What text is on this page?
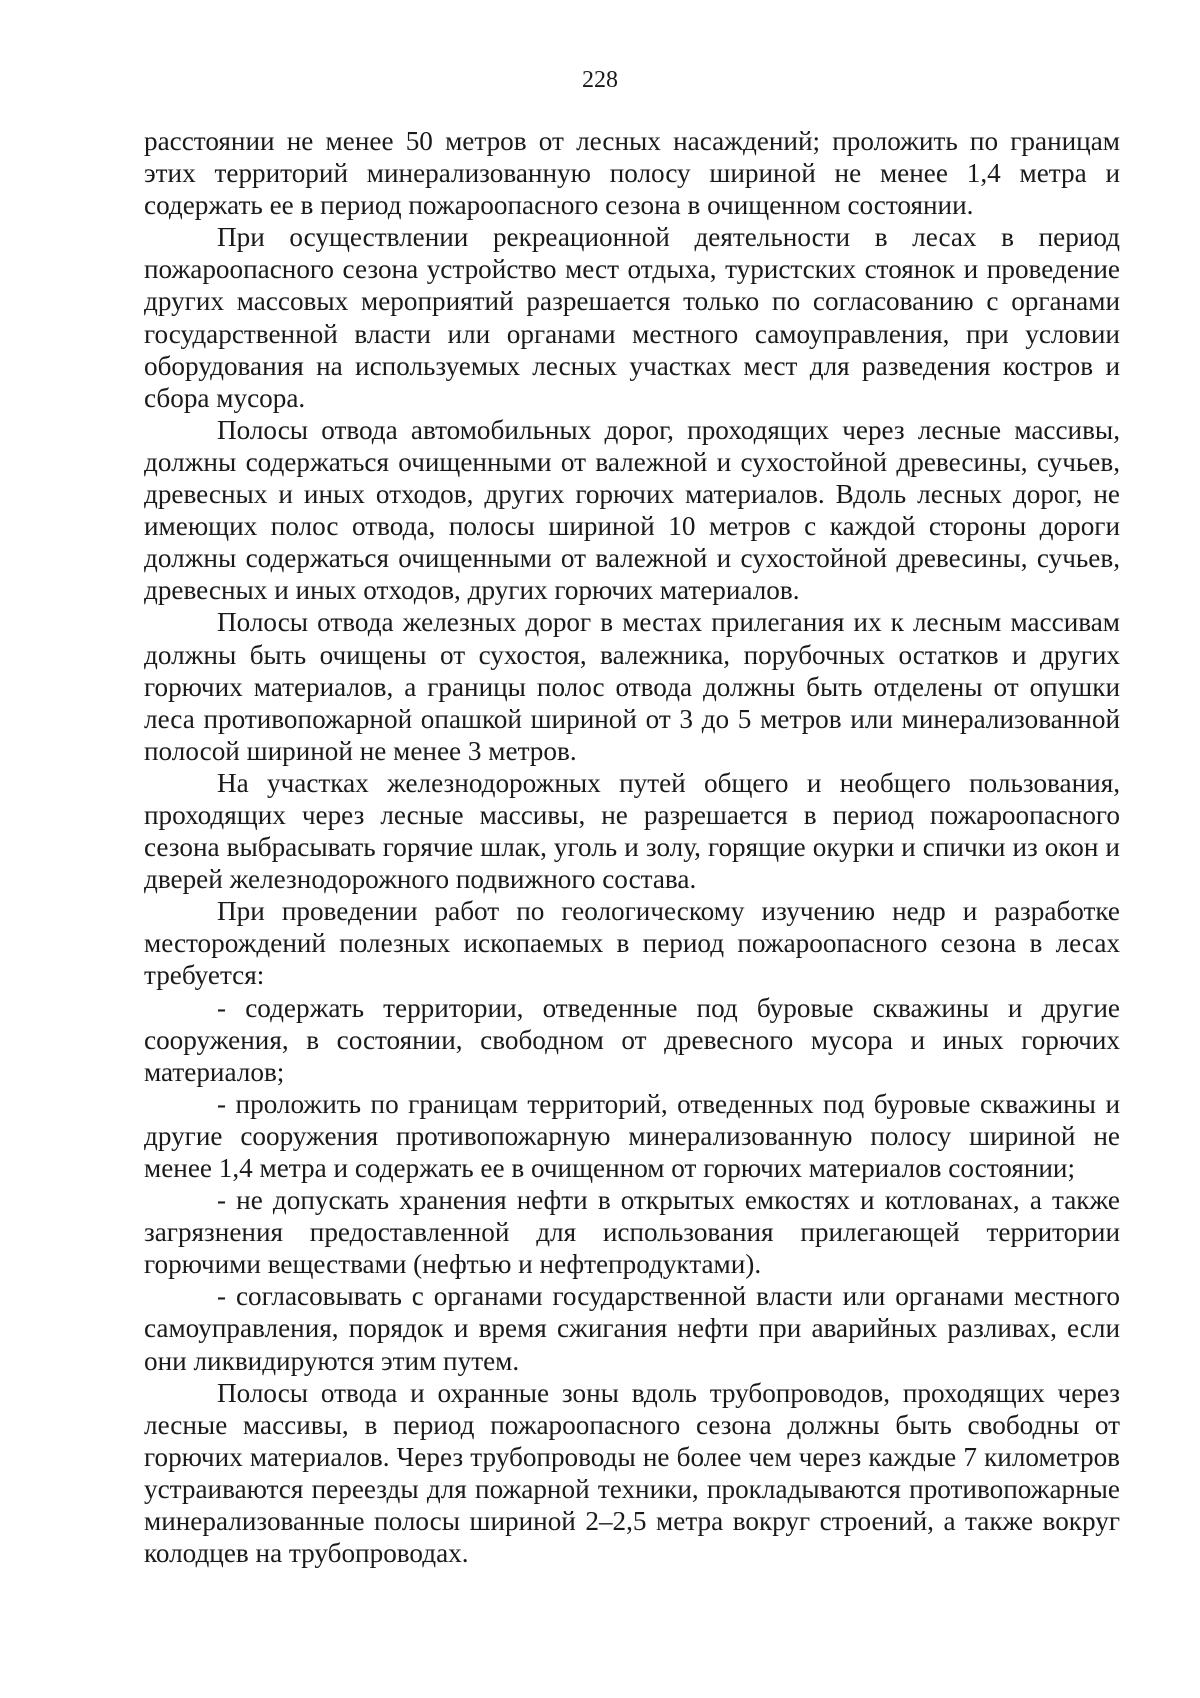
228

расстоянии не менее 50 метров от лесных насаждений; проложить по границам этих территорий минерализованную полосу шириной не менее 1,4 метра и содержать ее в период пожароопасного сезона в очищенном состоянии.

При осуществлении рекреационной деятельности в лесах в период пожароопасного сезона устройство мест отдыха, туристских стоянок и проведение других массовых мероприятий разрешается только по согласованию с органами государственной власти или органами местного самоуправления, при условии оборудования на используемых лесных участках мест для разведения костров и сбора мусора.

Полосы отвода автомобильных дорог, проходящих через лесные массивы, должны содержаться очищенными от валежной и сухостойной древесины, сучьев, древесных и иных отходов, других горючих материалов. Вдоль лесных дорог, не имеющих полос отвода, полосы шириной 10 метров с каждой стороны дороги должны содержаться очищенными от валежной и сухостойной древесины, сучьев, древесных и иных отходов, других горючих материалов.

Полосы отвода железных дорог в местах прилегания их к лесным массивам должны быть очищены от сухостоя, валежника, порубочных остатков и других горючих материалов, а границы полос отвода должны быть отделены от опушки леса противопожарной опашкой шириной от 3 до 5 метров или минерализованной полосой шириной не менее 3 метров.

На участках железнодорожных путей общего и необщего пользования, проходящих через лесные массивы, не разрешается в период пожароопасного сезона выбрасывать горячие шлак, уголь и золу, горящие окурки и спички из окон и дверей железнодорожного подвижного состава.

При проведении работ по геологическому изучению недр и разработке месторождений полезных ископаемых в период пожароопасного сезона в лесах требуется:

- содержать территории, отведенные под буровые скважины и другие сооружения, в состоянии, свободном от древесного мусора и иных горючих материалов;

- проложить по границам территорий, отведенных под буровые скважины и другие сооружения противопожарную минерализованную полосу шириной не менее 1,4 метра и содержать ее в очищенном от горючих материалов состоянии;

- не допускать хранения нефти в открытых емкостях и котлованах, а также загрязнения предоставленной для использования прилегающей территории горючими веществами (нефтью и нефтепродуктами).

- согласовывать с органами государственной власти или органами местного самоуправления, порядок и время сжигания нефти при аварийных разливах, если они ликвидируются этим путем.

Полосы отвода и охранные зоны вдоль трубопроводов, проходящих через лесные массивы, в период пожароопасного сезона должны быть свободны от горючих материалов. Через трубопроводы не более чем через каждые 7 километров устраиваются переезды для пожарной техники, прокладываются противопожарные минерализованные полосы шириной 2–2,5 метра вокруг строений, а также вокруг колодцев на трубопроводах.
